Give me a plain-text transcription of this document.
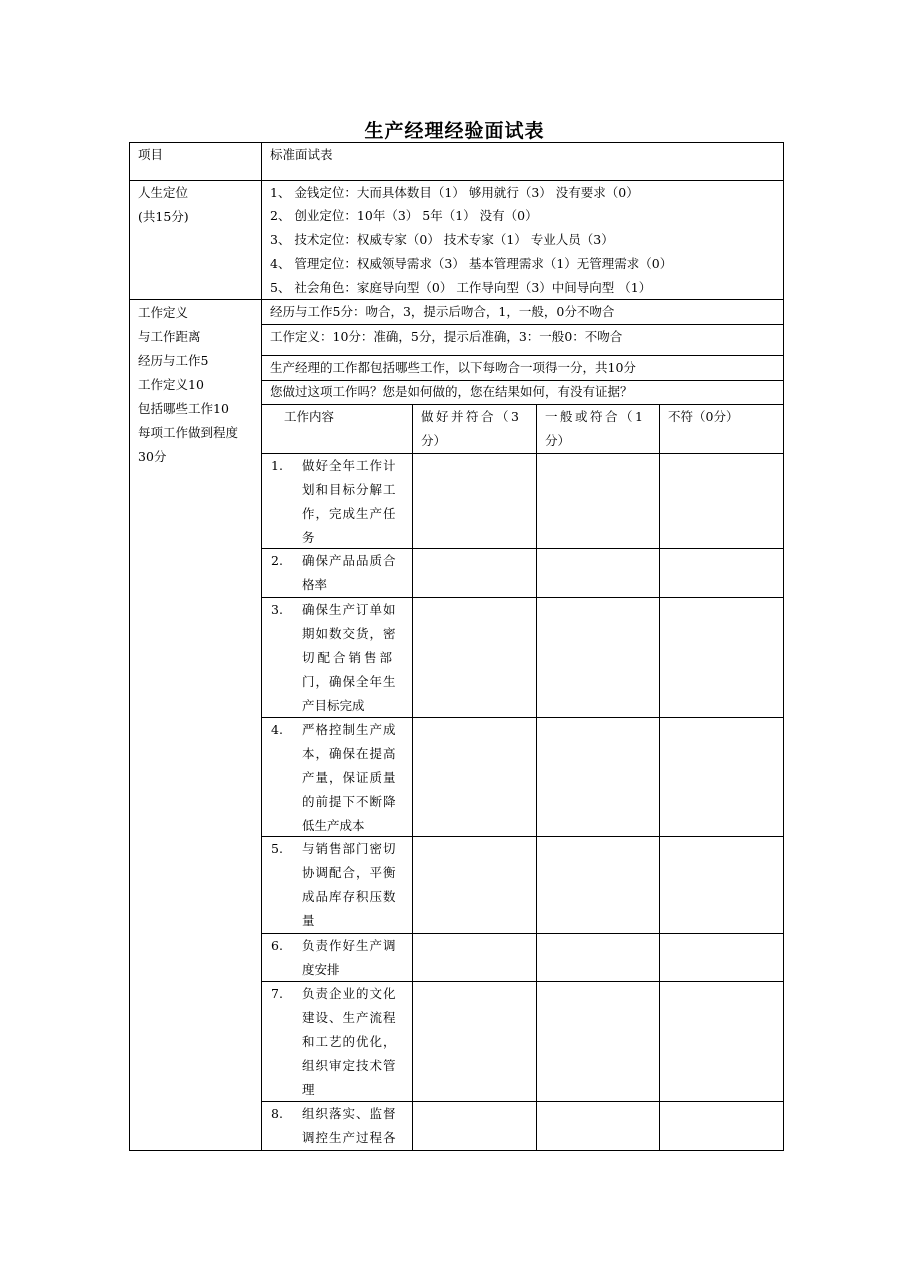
生产经理经验面试表
项目	标准面试表
人生定位
(共15分)
1、 金钱定位：大而具体数目（1） 够用就行（3） 没有要求（0）
2、 创业定位：10年（3） 5年（1） 没有（0）
3、 技术定位：权威专家（0） 技术专家（1） 专业人员（3）
4、 管理定位：权威领导需求（3） 基本管理需求（1）无管理需求（0）
5、 社会角色：家庭导向型（0） 工作导向型（3）中间导向型 （1）
工作定义
与工作距离
经历与工作5
工作定义10
包括哪些工作10
每项工作做到程度
30分
经历与工作5分：吻合，3，提示后吻合，1，一般，0分不吻合
工作定义：10分：准确，5分，提示后准确，3：一般0：不吻合
生产经理的工作都包括哪些工作，以下每吻合一项得一分，共10分
您做过这项工作吗？您是如何做的，您在结果如何，有没有证据？
工作内容	做好并符合（3
分）
一般或符合（1
分）
不符（0分）
1. 做好全年工作计
划和目标分解工
作，完成生产任
务
2. 确保产品品质合
格率
3. 确保生产订单如
期如数交货，密
切配合销售部
门，确保全年生
产目标完成
4. 严格控制生产成
本，确保在提高
产量，保证质量
的前提下不断降
低生产成本
5. 与销售部门密切
协调配合，平衡
成品库存积压数
量
6. 负责作好生产调
度安排
7. 负责企业的文化
建设、生产流程
和工艺的优化，
组织审定技术管
理
8. 组织落实、监督
调控生产过程各
